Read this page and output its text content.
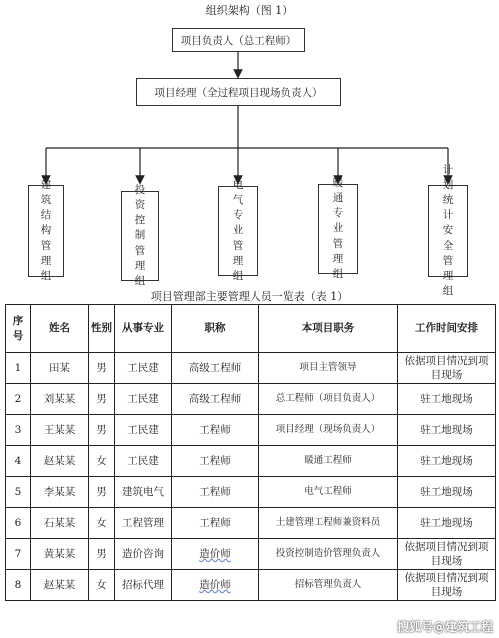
组织架构（图 1）
项目负责人（总工程师）
项目经理（全过程项目现场负责人）
建筑结构管理组
投资控制管理组
电气专业管理组
暖通专业管理组
计划统计安全管理组
项目管理部主要管理人员一览表（表 1）
序号	姓名	性别	从事专业	职称	本项目职务	工作时间安排
1	田某	男	工民建	高级工程师	项目主管领导	依据项目情况到项目现场
2	刘某某	男	工民建	高级工程师	总工程师（项目负责人）	驻工地现场
3	王某某	男	工民建	工程师	项目经理（现场负责人）	驻工地现场
4	赵某某	女	工民建	工程师	暖通工程师	驻工地现场
5	李某某	男	建筑电气	工程师	电气工程师	驻工地现场
6	石某某	女	工程管理	工程师	土建管理工程师兼资料员	驻工地现场
7	黄某某	男	造价咨询	造价师	投资控制造价管理负责人	依据项目情况到项目现场
8	赵某某	女	招标代理	造价师	招标管理负责人	依据项目情况到项目现场
搜狐号@建筑工程
